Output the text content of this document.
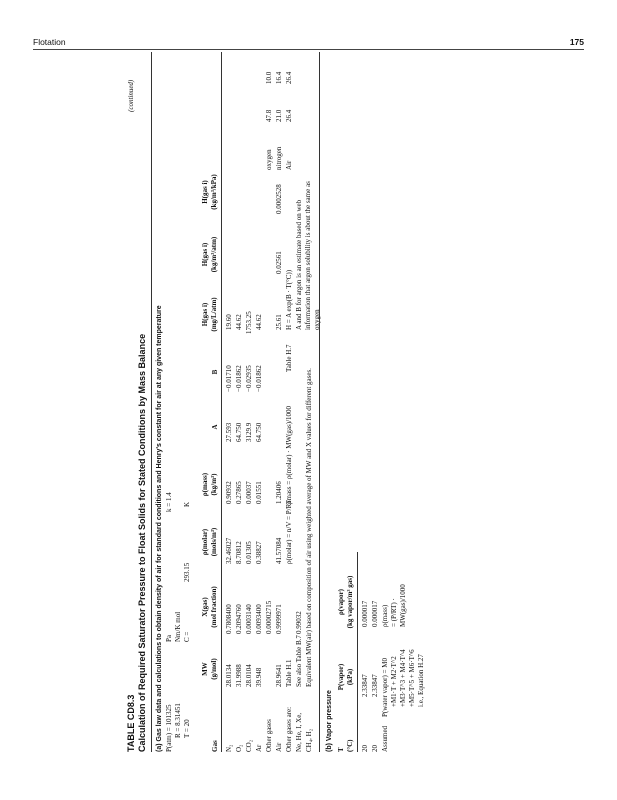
Flotation	175
TABLE CD8.3 Calculation of Required Saturator Pressure to Float Solids for Stated Conditions by Mass Balance (a) Gas law data and calculations to obtain density of air for standard conditions and Henry's constant for air at any given temperature P(atm) = 101325
Pa
k = 1.4
R = 8.31451
Nm/K mol
T = 20
C =
293.15
K
Gas
MW (g/mol)
X(gas) (mol fraction)
ρ(molar) (mols/m³)
ρ(mass) (kg/m³)
A
B
H(gas i) (mg/L/atm)
H(gas i) (kg/m³/atm)
H(gas i) (kg/m³/kPa)
N₂
28.0134
0.7808400
32.46027
0.90932
27.593
−0.01710
19.60
O₂
31.9988
0.2094760
8.70812
0.27865
64.750
−0.01862
44.62
CO₂
28.0104
0.0003140
0.01305
0.00037
3129.9
−0.02935
1753.25
Ar
39.948
0.0093400
0.38827
0.01551
64.750
−0.01862
44.62
Other gases
0.00002715
oxygen
47.8
10.0
Air
28.9641
0.9999971
41.57084
1.20406
25.61
0.02561
0.0002528
nitrogen
21.0
16.4
Other gases are:
Table H.1
ρ(molar) = n/V = P/RT
ρmass = ρ(molar) · MW(gas)/1000
Table H.7
H = A exp(B · T(°C))
Air
26.4
26.4
Ne, He, I, Xe,
See also Table B.7
0.99032
A and B for argon is an estimate based on web information that argon solubility is about the same as oxygen
CH₄, H₂
Equivalent MW(air) based on composition of air using weighted average of MW and X values for different gases.
(b) Vapor pressure T (°C)
P(vapor) (kPa)
ρ(vapor) (kg vapor/m³ gas)
20
2.33847
0.000017
20
2.33847
0.000017
Assumed
P(water vapor) = M0 +M1·T + M2·T^2 +M3·T^3 + M4·T^4 +M5·T^5 + M6·T^6 i.e., Equation H.27
ρ(mass) = (P/RT) · MW(gas)/1000
(continued)
